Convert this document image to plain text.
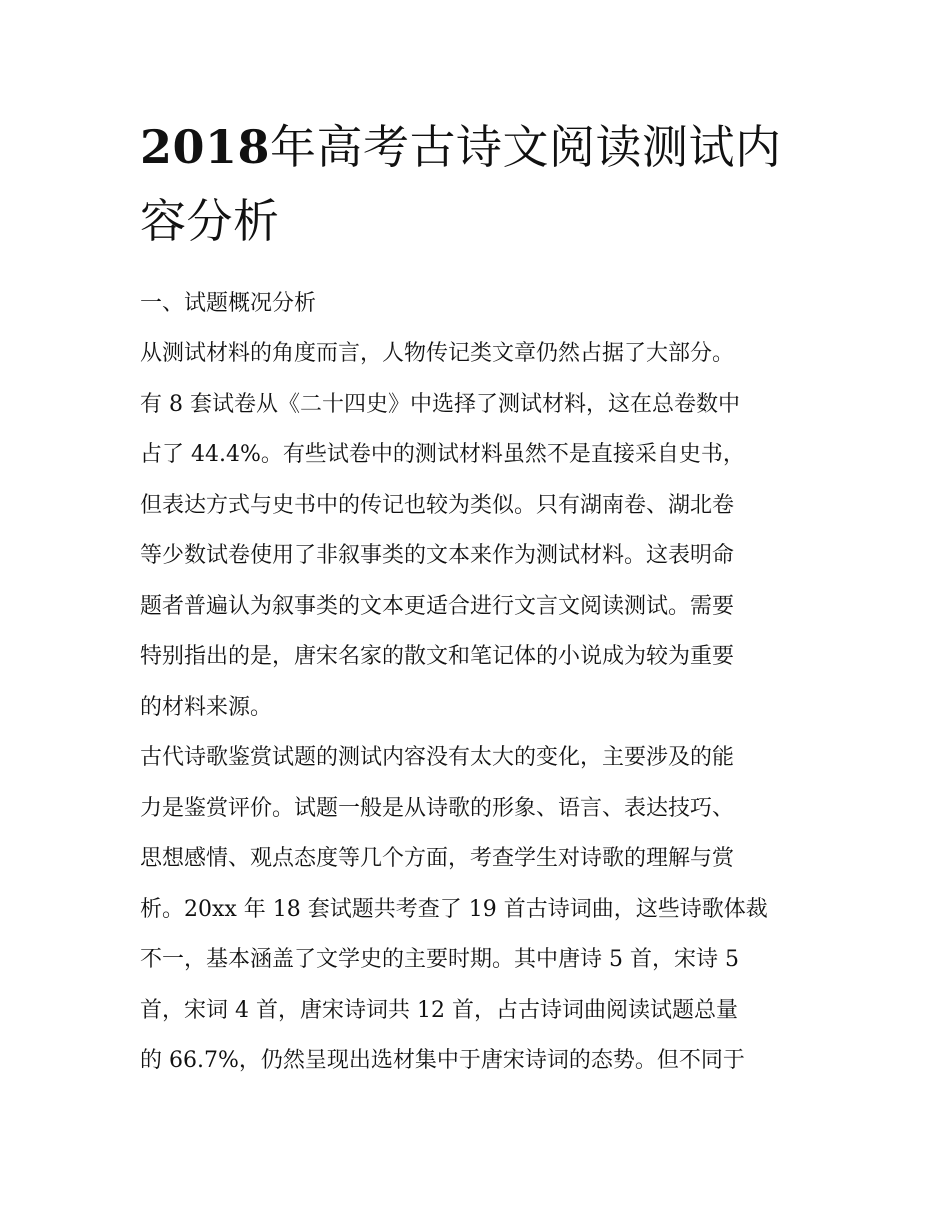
2018年高考古诗文阅读测试内
容分析

一、试题概况分析

从测试材料的角度而言，人物传记类文章仍然占据了大部分。
有 8 套试卷从《二十四史》中选择了测试材料，这在总卷数中
占了 44.4%。有些试卷中的测试材料虽然不是直接采自史书，
但表达方式与史书中的传记也较为类似。只有湖南卷、湖北卷
等少数试卷使用了非叙事类的文本来作为测试材料。这表明命
题者普遍认为叙事类的文本更适合进行文言文阅读测试。需要
特别指出的是，唐宋名家的散文和笔记体的小说成为较为重要
的材料来源。

古代诗歌鉴赏试题的测试内容没有太大的变化，主要涉及的能
力是鉴赏评价。试题一般是从诗歌的形象、语言、表达技巧、
思想感情、观点态度等几个方面，考查学生对诗歌的理解与赏
析。20xx 年 18 套试题共考查了 19 首古诗词曲，这些诗歌体裁
不一，基本涵盖了文学史的主要时期。其中唐诗 5 首，宋诗 5
首，宋词 4 首，唐宋诗词共 12 首，占古诗词曲阅读试题总量
的 66.7%，仍然呈现出选材集中于唐宋诗词的态势。但不同于
